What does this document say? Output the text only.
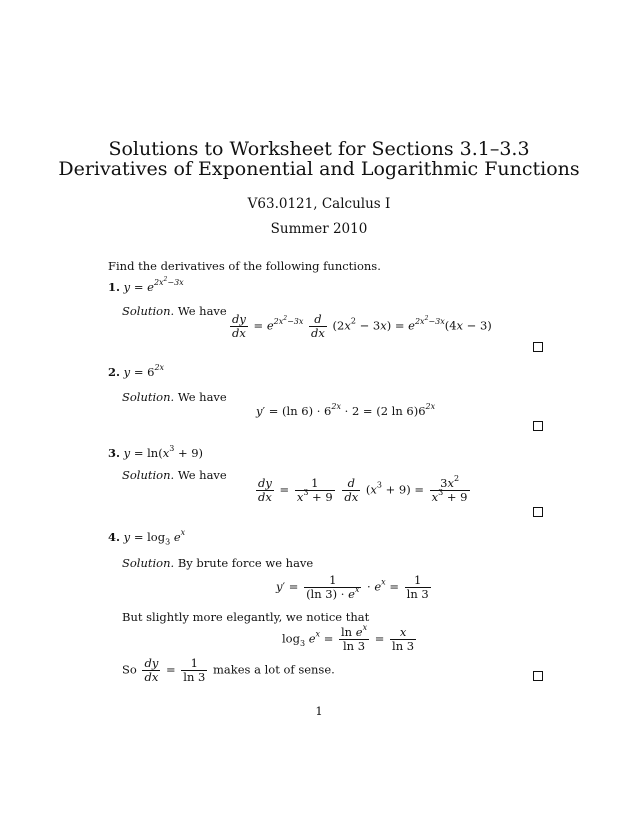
Solutions to Worksheet for Sections 3.1–3.3
Derivatives of Exponential and Logarithmic Functions
V63.0121, Calculus I
Summer 2010
Find the derivatives of the following functions.
1. $y = e^{2x^2-3x}$
Solution. We have
$\frac{dy}{dx} = e^{2x^2-3x} \frac{d}{dx} (2x^2 - 3x) = e^{2x^2-3x}(4x - 3)$
2. $y = 6^{2x}$
Solution. We have
y′ = (ln $6) \cdot 6^{2x} \cdot 2 = (2$ $\ln 6)6^{2x}$
3. $y = \ln(x^3 + 9)$
Solution. We have
$\frac{dy}{dx} = \frac{1}{x^3 + 9}$
$\frac{d}{dx} (x^3 + 9) = \frac{3x^2}{x^3 + 9}$
4. $y = \log_3 e^x$
Solution. By brute force we have
$y' = \frac{1}{(\ln 3) \cdot e^x} \cdot e^x = \frac{1}{\ln 3}$
But slightly more elegantly, we notice that
$\log_3 e^x = \frac{\ln e^x}{\ln 3} = \frac{x}{\ln 3}$
So $\frac{dy}{dx} = \frac{1}{\ln 3}$ makes a lot of sense.
1
